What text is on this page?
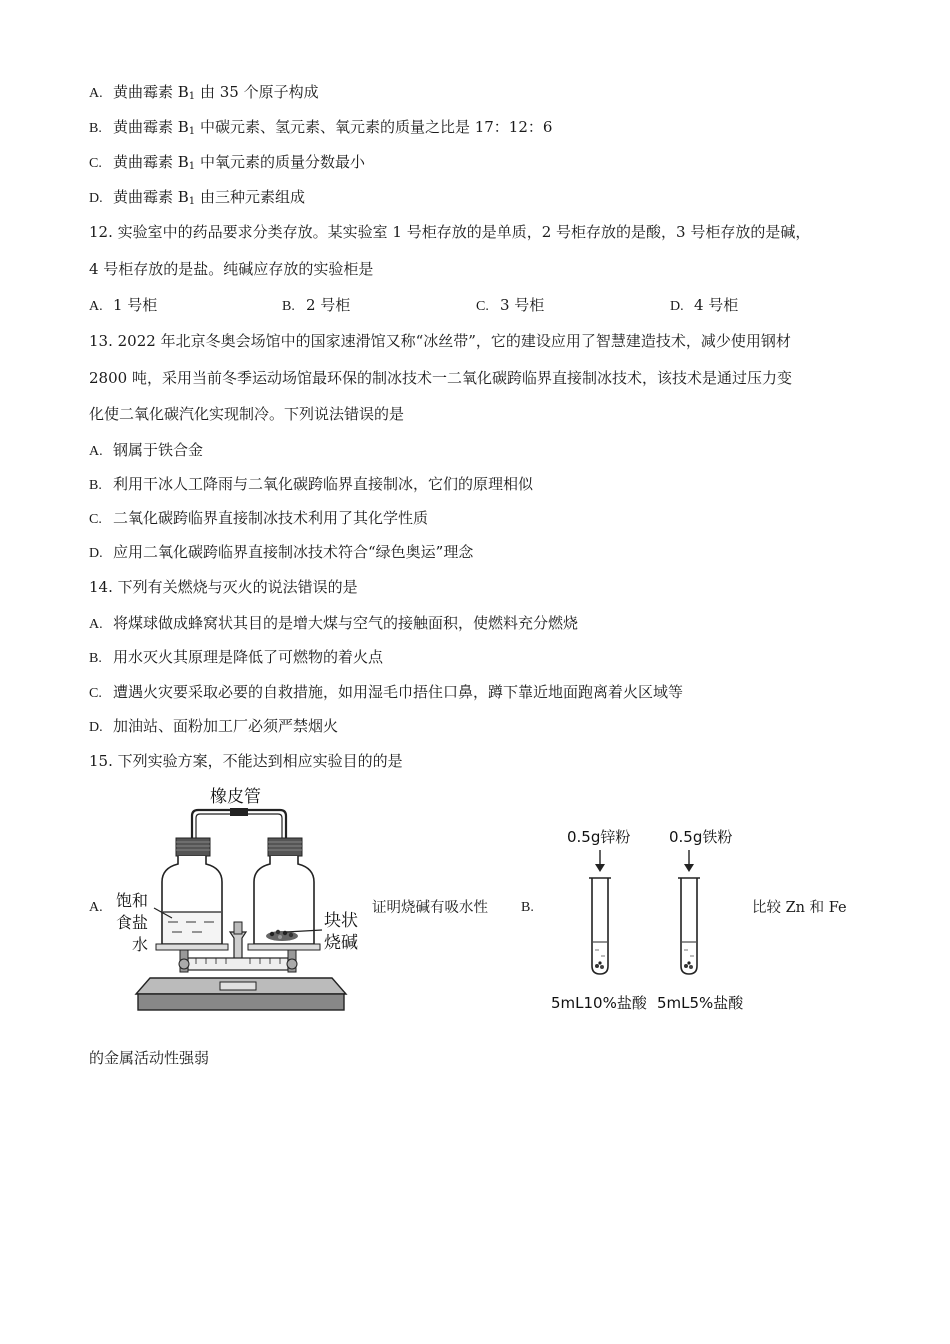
A. 黄曲霉素 $B_1$ 由 35 个原子构成
B. 黄曲霉素 $B_1$ 中碳元素、氢元素、氧元素的质量之比是 17：12：6
C. 黄曲霉素 $B_1$ 中氧元素的质量分数最小
D. 黄曲霉素 $B_1$ 由三种元素组成
12. 实验室中的药品要求分类存放。某实验室 1 号柜存放的是单质，2 号柜存放的是酸，3 号柜存放的是碱，
4 号柜存放的是盐。纯碱应存放的实验柜是
A. 1 号柜	B. 2 号柜	C. 3 号柜	D. 4 号柜
13. 2022 年北京冬奥会场馆中的国家速滑馆又称“冰丝带”，它的建设应用了智慧建造技术，减少使用钢材
2800 吨，采用当前冬季运动场馆最环保的制冰技术一二氧化碳跨临界直接制冰技术，该技术是通过压力变
化使二氧化碳汽化实现制冷。下列说法错误的是
A. 钢属于铁合金
B. 利用干冰人工降雨与二氧化碳跨临界直接制冰，它们的原理相似
C. 二氧化碳跨临界直接制冰技术利用了其化学性质
D. 应用二氧化碳跨临界直接制冰技术符合“绿色奥运”理念
14. 下列有关燃烧与灭火的说法错误的是
A. 将煤球做成蜂窝状其目的是增大煤与空气的接触面积，使燃料充分燃烧
B. 用水灭火其原理是降低了可燃物的着火点
C. 遭遇火灾要采取必要的自救措施，如用湿毛巾捂住口鼻，蹲下靠近地面跑离着火区域等
D. 加油站、面粉加工厂必须严禁烟火
15. 下列实验方案，不能达到相应实验目的的是
A.
橡皮管
饱和
食盐
水
块状
烧碱
证明烧碱有吸水性 B.
0.5g锌粉	0.5g铁粉
5mL10%盐酸 5mL5%盐酸
比较 Zn 和 Fe
的金属活动性强弱
